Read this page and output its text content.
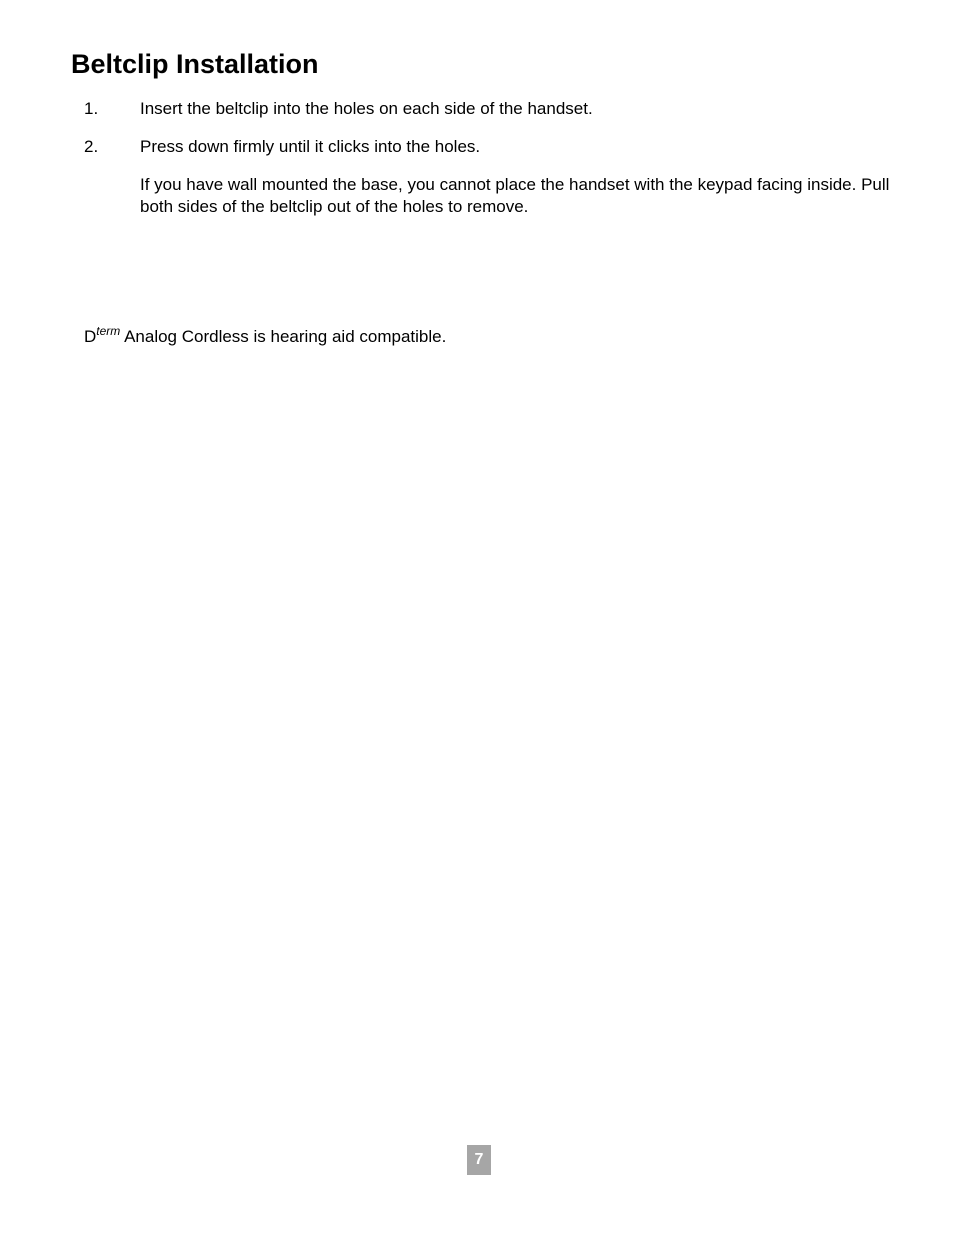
Beltclip Installation
1.	Insert the beltclip into the holes on each side of the handset.
2.	Press down firmly until it clicks into the holes.

If you have wall mounted the base, you cannot place the handset with the keypad facing inside. Pull both sides of the beltclip out of the holes to remove.

$D^{term}$ Analog Cordless is hearing aid compatible.

7
